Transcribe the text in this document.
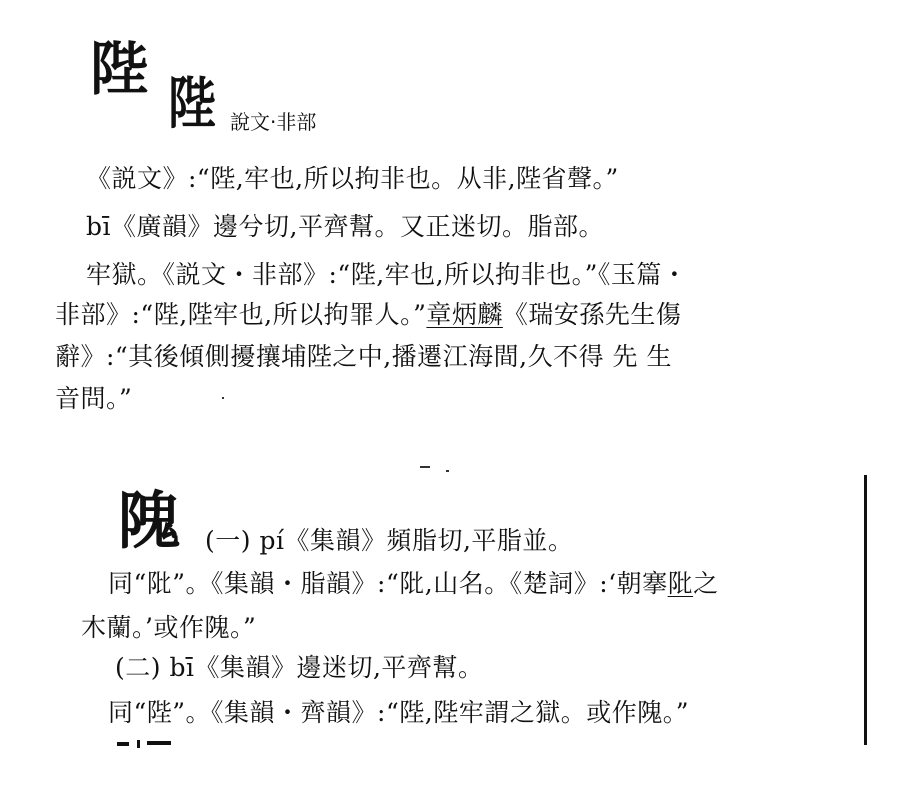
陛
陛 說文·非部
《説文》:“陛,牢也,所以拘非也。从非,陛省聲。”
bī《廣韻》邊兮切,平齊幫。又正迷切。脂部。
牢獄。《説文・非部》:“陛,牢也,所以拘非也。”《玉篇・
非部》:“陛,陛牢也,所以拘罪人。”章炳麟《瑞安孫先生傷
辭》:“其後傾側擾攘埔陛之中,播遷江海間,久不得 先 生
音問。”
隗 (一) pí《集韻》頻脂切,平脂並。
同“阰”。《集韻・脂韻》:“阰,山名。《楚詞》:‘朝搴阰之
木蘭。’或作隗。”
(二) bī《集韻》邊迷切,平齊幫。
同“陛”。《集韻・齊韻》:“陛,陛牢謂之獄。或作隗。”
